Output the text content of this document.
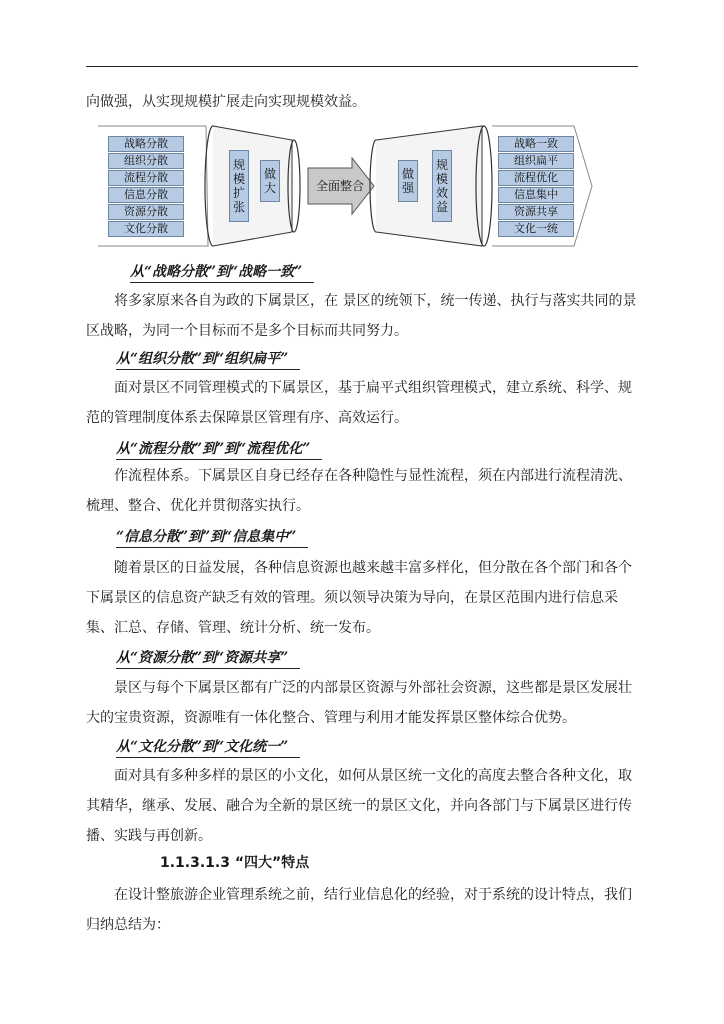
向做强，从实现规模扩展走向实现规模效益。
战略分散
组织分散
流程分散
信息分散
资源分散
文化分散
规
模
扩
张
做
大	全面整合
做
强
规
模
效
益
战略一致
组织扁平
流程优化
信息集中
资源共享
文化一统
从“战略分散”到“战略一致”
将多家原来各自为政的下属景区，在 景区的统领下，统一传递、执行与落实共同的景区战略，为同一个目标而不是多个目标而共同努力。
从“组织分散”到“组织扁平”
面对景区不同管理模式的下属景区，基于扁平式组织管理模式，建立系统、科学、规范的管理制度体系去保障景区管理有序、高效运行。
从“流程分散”到”到“流程优化”
作流程体系。下属景区自身已经存在各种隐性与显性流程，须在内部进行流程清洗、梳理、整合、优化并贯彻落实执行。
“信息分散”到”到“信息集中”
随着景区的日益发展，各种信息资源也越来越丰富多样化，但分散在各个部门和各个下属景区的信息资产缺乏有效的管理。须以领导决策为导向，在景区范围内进行信息采集、汇总、存储、管理、统计分析、统一发布。
从“资源分散”到“资源共享”
景区与每个下属景区都有广泛的内部景区资源与外部社会资源，这些都是景区发展壮大的宝贵资源，资源唯有一体化整合、管理与利用才能发挥景区整体综合优势。
从“文化分散”到“文化统一”
面对具有多种多样的景区的小文化，如何从景区统一文化的高度去整合各种文化，取其精华，继承、发展、融合为全新的景区统一的景区文化，并向各部门与下属景区进行传播、实践与再创新。
1.1.3.1.3 “四大”特点
在设计整旅游企业管理系统之前，结行业信息化的经验，对于系统的设计特点，我们归纳总结为：
